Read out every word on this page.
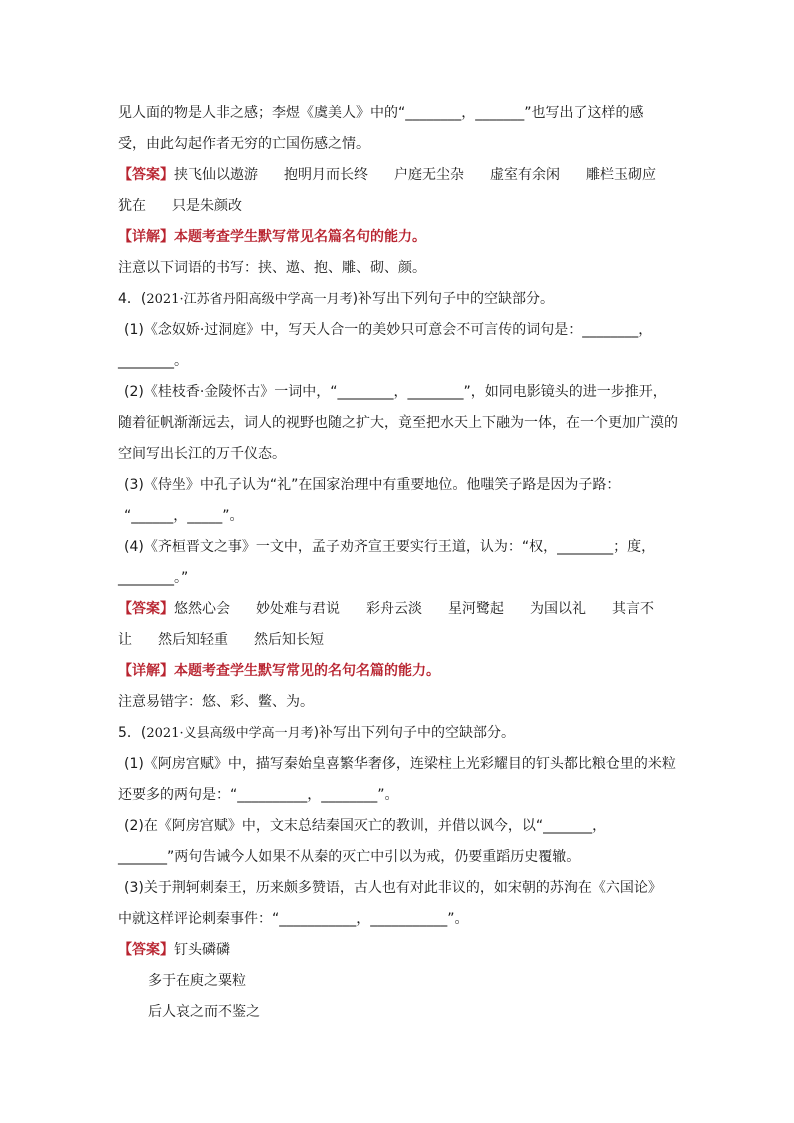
见人面的物是人非之感；李煜《虞美人》中的“________，_______”也写出了这样的感
受，由此勾起作者无穷的亡国伤感之情。
【答案】挟飞仙以遨游 抱明月而长终 户庭无尘杂 虚室有余闲 雕栏玉砌应
犹在 只是朱颜改
【详解】本题考查学生默写常见名篇名句的能力。
注意以下词语的书写：挟、遨、抱、雕、砌、颜。
4．(2021·江苏省丹阳高级中学高一月考)补写出下列句子中的空缺部分。
(1)《念奴娇·过洞庭》中，写天人合一的美妙只可意会不可言传的词句是：________，
________。
(2)《桂枝香·金陵怀古》一词中，“________，________”，如同电影镜头的进一步推开，
随着征帆渐渐远去，词人的视野也随之扩大，竟至把水天上下融为一体，在一个更加广漠的
空间写出长江的万千仪态。
(3)《侍坐》中孔子认为“礼”在国家治理中有重要地位。他嗤笑子路是因为子路：
“______，_____”。
(4)《齐桓晋文之事》一文中，孟子劝齐宣王要实行王道，认为：“权，________；度，
________。”
【答案】悠然心会 妙处难与君说 彩舟云淡 星河鹭起 为国以礼 其言不
让 然后知轻重 然后知长短
【详解】本题考查学生默写常见的名句名篇的能力。
注意易错字：悠、彩、鳖、为。
5．(2021·义县高级中学高一月考)补写出下列句子中的空缺部分。
(1)《阿房宫赋》中，描写秦始皇喜繁华奢侈，连梁柱上光彩耀目的钉头都比粮仓里的米粒
还要多的两句是：“__________，________”。
(2)在《阿房宫赋》中，文末总结秦国灭亡的教训，并借以讽今，以“_______，
_______”两句告诫今人如果不从秦的灭亡中引以为戒，仍要重蹈历史覆辙。
(3)关于荆轲刺秦王，历来颇多赞语，古人也有对此非议的，如宋朝的苏洵在《六国论》
中就这样评论刺秦事件：“___________，___________”。
【答案】钉头磷磷
多于在庾之粟粒
后人哀之而不鉴之
